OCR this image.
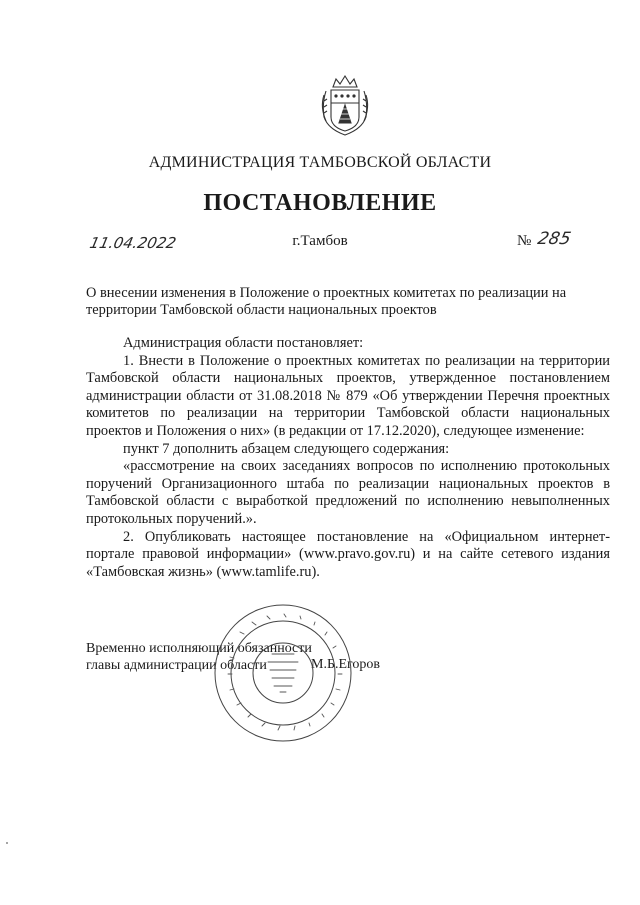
АДМИНИСТРАЦИЯ ТАМБОВСКОЙ ОБЛАСТИ
ПОСТАНОВЛЕНИЕ
11.04.2022	г.Тамбов	№ 285
О внесении изменения в Положение о проектных комитетах по реализации на территории Тамбовской области национальных проектов

Администрация области постановляет:

1. Внести в Положение о проектных комитетах по реализации на территории Тамбовской области национальных проектов, утвержденное постановлением администрации области от 31.08.2018 № 879 «Об утверждении Перечня проектных комитетов по реализации на территории Тамбовской области национальных проектов и Положения о них» (в редакции от 17.12.2020), следующее изменение:

пункт 7 дополнить абзацем следующего содержания:

«рассмотрение на своих заседаниях вопросов по исполнению протокольных поручений Организационного штаба по реализации национальных проектов в Тамбовской области с выработкой предложений по исполнению невыполненных протокольных поручений.».

2. Опубликовать настоящее постановление на «Официальном интернет-портале правовой информации» (www.pravo.gov.ru) и на сайте сетевого издания «Тамбовская жизнь» (www.tamlife.ru).

Временно исполняющий обязанности
главы администрации области	М.Б.Егоров
